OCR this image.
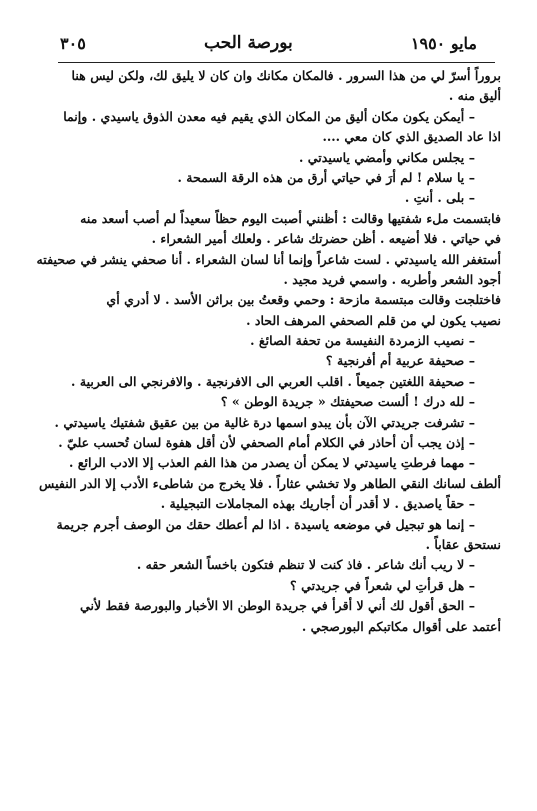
٣٠٥	بورصة الحب	مايو ١٩٥٠
بروراً أسرّ لي من هذا السرور . فالمكان مكانك وان كان لا يليق لك، ولكن ليس هنا
أليق منه .
– أيمكن يكون مكان أليق من المكان الذي يقيم فيه معدن الذوق ياسيدي . وإنما
اذا عاد الصديق الذي كان معي ....
– يجلس مكاني وأمضي ياسيدتي .
– يا سلام ! لم أرَ في حياتي أرق من هذه الرقة السمحة .
– بلى . أنتِ .
فابتسمت ملء شفتيها وقالت : أظنني أصبت اليوم حظاً سعيداً لم أصب أسعد منه
في حياتي . فلا أضيعه . أظن حضرتك شاعر . ولعلك أمير الشعراء .
أستغفر الله ياسيدتي . لست شاعراً وإنما أنا لسان الشعراء . أنا صحفي ينشر في صحيفته
أجود الشعر وأطربه . واسمي فريد مجيد .
فاختلجت وقالت مبتسمة مازحة : وحمي وقعتُ بين براثن الأسد . لا أدري أي
نصيب يكون لي من قلم الصحفي المرهف الحاد .
– نصيب الزمردة النفيسة من تحفة الصائغ .
– صحيفة عربية أم أفرنجية ؟
– صحيفة اللغتين جميعاً . اقلب العربي الى الافرنجية . والافرنجي الى العربية .
– لله درك ! ألست صحيفتك « جريدة الوطن » ؟
– تشرفت جريدتي الآن بأن يبدو اسمها درة غالية من بين عقيق شفتيك ياسيدتي .
– إذن يجب أن أحاذر في الكلام أمام الصحفي لأن أقل هفوة لسان تُحسب عليّ .
– مهما فرطتِ ياسيدتي لا يمكن أن يصدر من هذا الفم العذب إلا الادب الرائع .
ألطف لسانك النقي الطاهر ولا تخشي عثاراً . فلا يخرج من شاطىء الأدب إلا الدر النفيس
– حقاً ياصديق . لا أقدر أن أجاريك بهذه المجاملات التبجيلية .
– إنما هو تبجيل في موضعه ياسيدة . اذا لم أعطك حقك من الوصف أجرم جريمة
نستحق عقاباً .
– لا ريب أنك شاعر . فاذ كنت لا تنظم فتكون باخساً الشعر حقه .
– هل قرأتِ لي شعراً في جريدتي ؟
– الحق أقول لك أني لا أقرأ في جريدة الوطن الا الأخبار والبورصة فقط لأني
أعتمد على أقوال مكاتبكم البورصجي .
